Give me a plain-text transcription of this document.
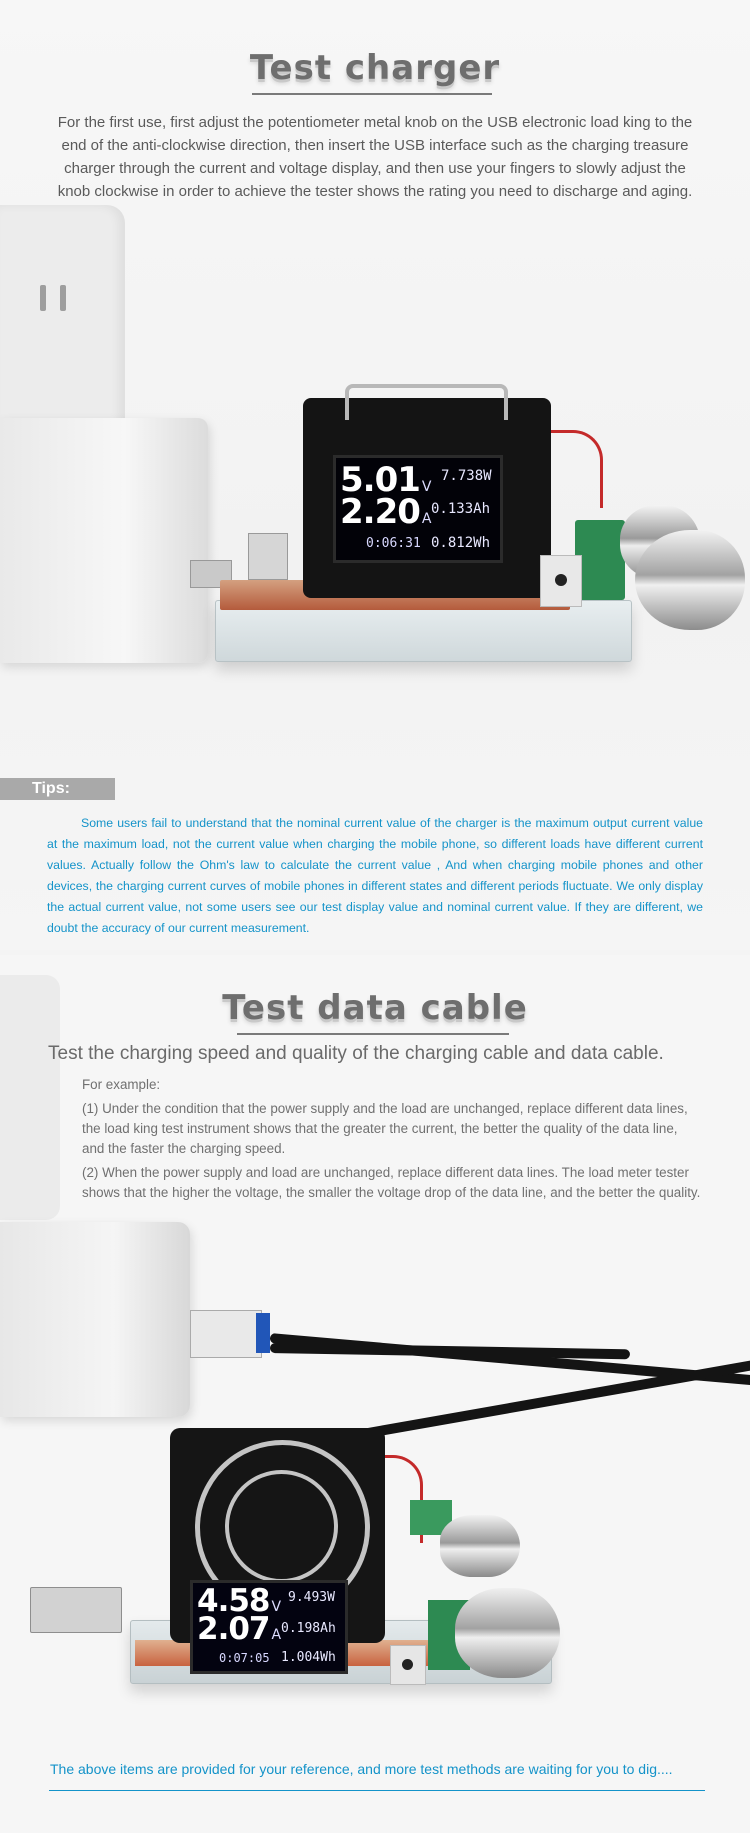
Test charger
For the first use, first adjust the potentiometer metal knob on the USB electronic load king to the end of the anti-clockwise direction, then insert the USB interface such as the charging treasure charger through the current and voltage display, and then use your fingers to slowly adjust the knob clockwise in order to achieve the tester shows the rating you need to discharge and aging.
5.01 V
2.20 A
7.738W
0.133Ah
0:06:31 0.812Wh
Tips:
Some users fail to understand that the nominal current value of the charger is the maximum output current value at the maximum load, not the current value when charging the mobile phone, so different loads have different current values. Actually follow the Ohm's law to calculate the current value , And when charging mobile phones and other devices, the charging current curves of mobile phones in different states and different periods fluctuate. We only display the actual current value, not some users see our test display value and nominal current value. If they are different, we doubt the accuracy of our current measurement.
Test data cable
Test the charging speed and quality of the charging cable and data cable.
For example:
(1) Under the condition that the power supply and the load are unchanged, replace different data lines, the load king test instrument shows that the greater the current, the better the quality of the data line, and the faster the charging speed.
(2) When the power supply and load are unchanged, replace different data lines. The load meter tester shows that the higher the voltage, the smaller the voltage drop of the data line, and the better the quality.
4.58 V
2.07 A
9.493W
0.198Ah
0:07:05 1.004Wh
The above items are provided for your reference, and more test methods are waiting for you to dig....
